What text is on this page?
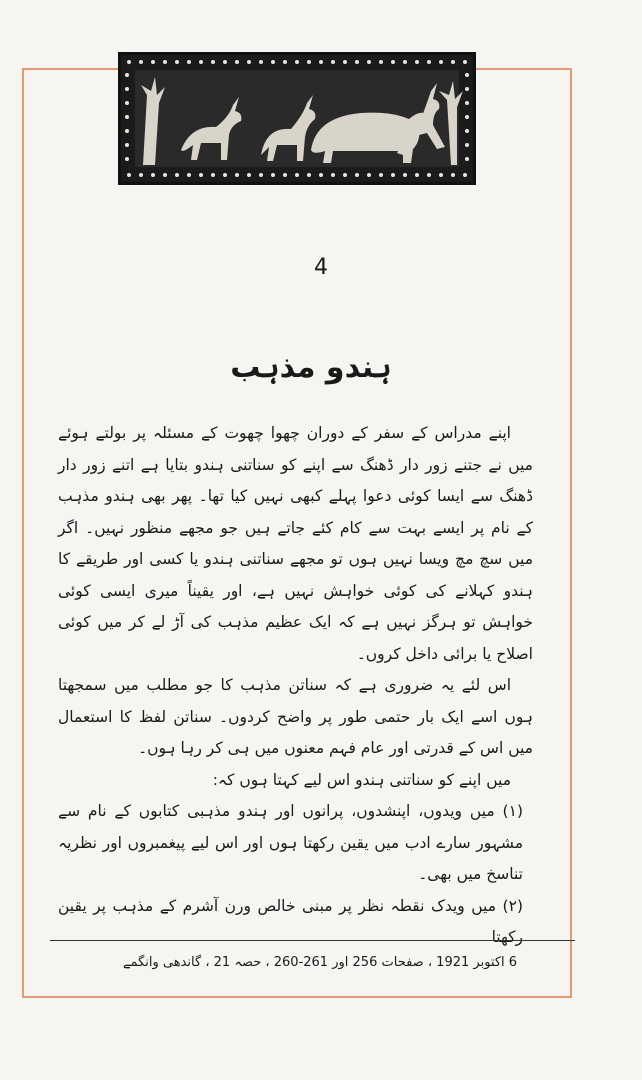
4
ہندو مذہب

اپنے مدراس کے سفر کے دوران چھوا چھوت کے مسئلہ پر بولتے ہوئے میں نے جتنے زور دار ڈھنگ سے اپنے کو سناتنی ہندو بتایا ہے اتنے زور دار ڈھنگ سے ایسا کوئی دعوا پہلے کبھی نہیں کیا تھا۔ پھر بھی ہندو مذہب کے نام پر ایسے بہت سے کام کئے جاتے ہیں جو مجھے منظور نہیں۔ اگر میں سچ مچ ویسا نہیں ہوں تو مجھے سناتنی ہندو یا کسی اور طریقے کا ہندو کہلانے کی کوئی خواہش نہیں ہے، اور یقیناً میری ایسی کوئی خواہش تو ہرگز نہیں ہے کہ ایک عظیم مذہب کی آڑ لے کر میں کوئی اصلاح یا برائی داخل کروں۔

اس لئے یہ ضروری ہے کہ سناتن مذہب کا جو مطلب میں سمجھتا ہوں اسے ایک بار حتمی طور پر واضح کردوں۔ سناتن لفظ کا استعمال میں اس کے قدرتی اور عام فہم معنوں میں ہی کر رہا ہوں۔

میں اپنے کو سناتنی ہندو اس لیے کہتا ہوں کہ:

(۱) میں ویدوں، اپنشدوں، پرانوں اور ہندو مذہبی کتابوں کے نام سے مشہور سارے ادب میں یقین رکھتا ہوں اور اس لیے پیغمبروں اور نظریہ تناسخ میں بھی۔

(۲) میں ویدک نقطہ نظر پر مبنی خالص ورن آشرم کے مذہب پر یقین رکھتا

6 اکتوبر 1921 ، صفحات 256 اور 261-260 ، حصہ 21 ، گاندھی وانگمے
